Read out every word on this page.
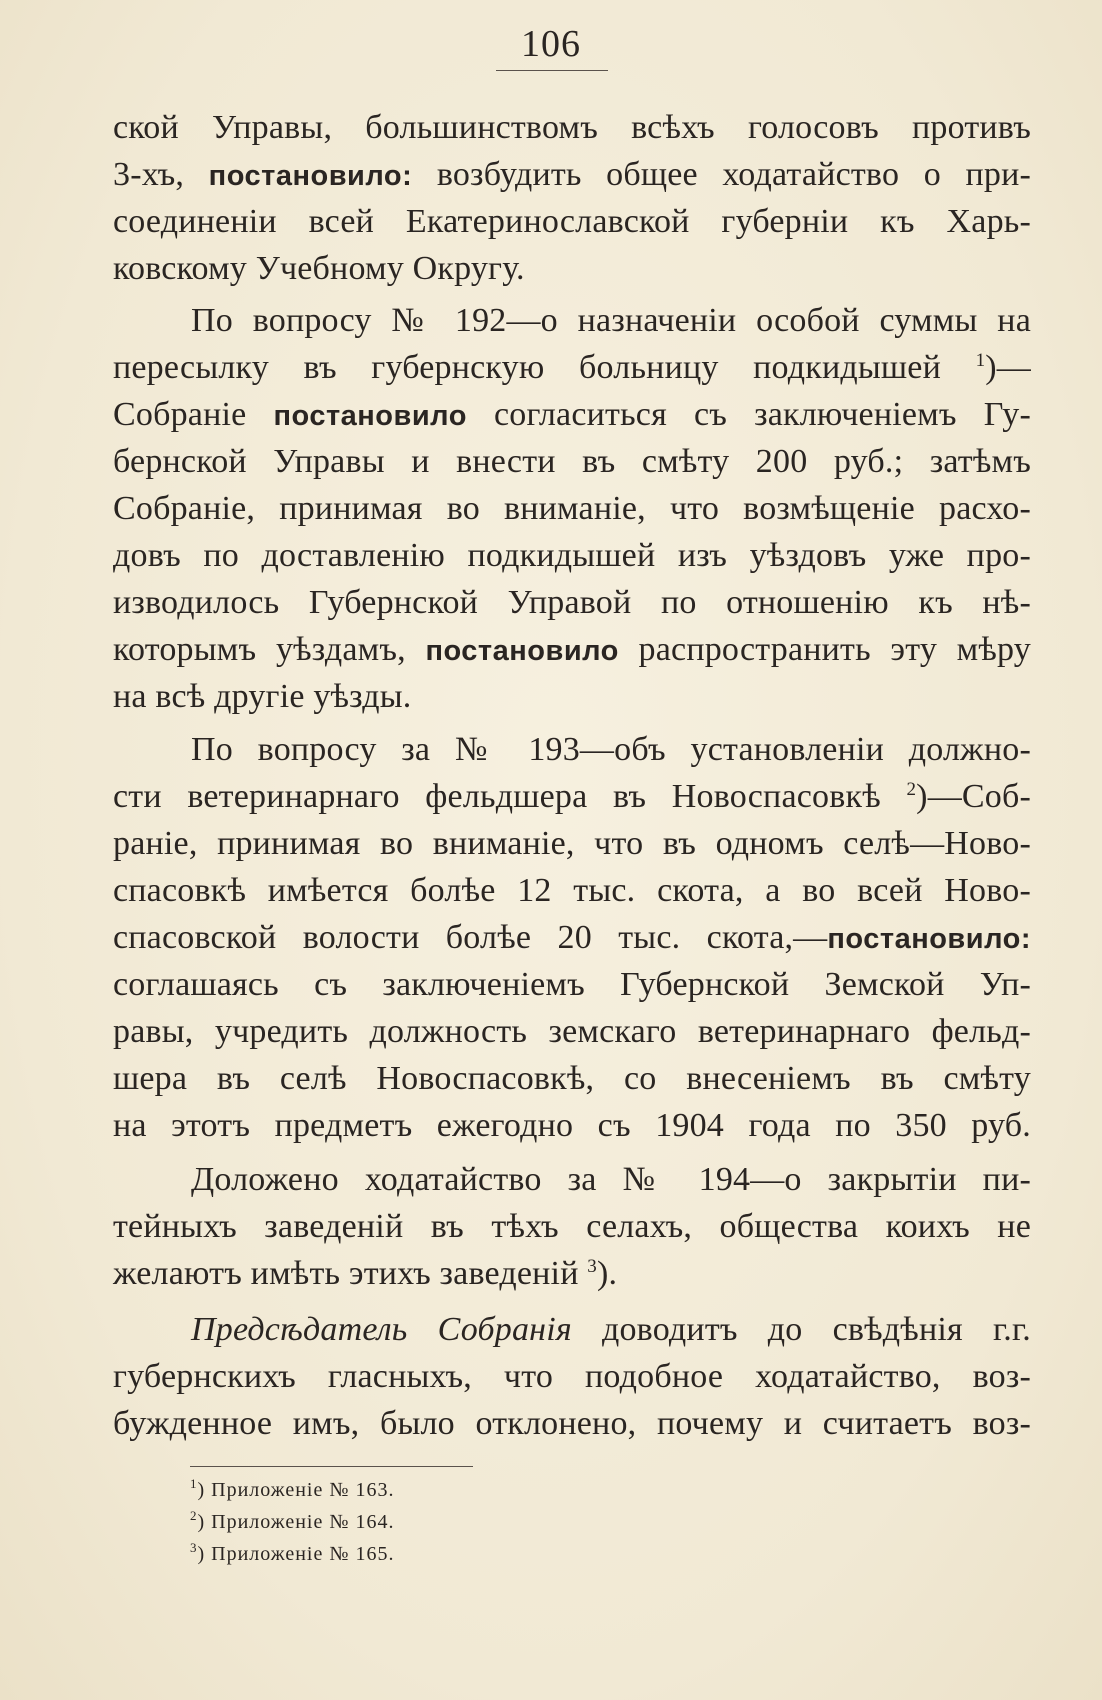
106
ской Управы, большинствомъ всѣхъ голосовъ противъ
3-хъ, постановило: возбудить общее ходатайство о при-
соединеніи всей Екатеринославской губерніи къ Харь-
ковскому Учебному Округу.
По вопросу № 192—о назначеніи особой суммы на
пересылку въ губернскую больницу подкидышей $^1$)—
Собраніе постановило согласиться съ заключеніемъ Гу-
бернской Управы и внести въ смѣту 200 руб.; затѣмъ
Собраніе, принимая во вниманіе, что возмѣщеніе расхо-
довъ по доставленію подкидышей изъ уѣздовъ уже про-
изводилось Губернской Управой по отношенію къ нѣ-
которымъ уѣздамъ, постановило распространить эту мѣру
на всѣ другіе уѣзды.
По вопросу за № 193—объ установленіи должно-
сти ветеринарнаго фельдшера въ Новоспасовкѣ $^2$)—Соб-
раніе, принимая во вниманіе, что въ одномъ селѣ—Ново-
спасовкѣ имѣется болѣе 12 тыс. скота, а во всей Ново-
спасовской волости болѣе 20 тыс. скота,—постановило:
соглашаясь съ заключеніемъ Губернской Земской Уп-
равы, учредить должность земскаго ветеринарнаго фельд-
шера въ селѣ Новоспасовкѣ, со внесеніемъ въ смѣту
на этотъ предметъ ежегодно съ 1904 года по 350 руб.
Доложено ходатайство за № 194—о закрытіи пи-
тейныхъ заведеній въ тѣхъ селахъ, общества коихъ не
желаютъ имѣть этихъ заведеній $^3$).
Предсѣдатель Собранія доводитъ до свѣдѣнія г.г.
губернскихъ гласныхъ, что подобное ходатайство, воз-
бужденное имъ, было отклонено, почему и считаетъ воз-
$^1$) Приложеніе № 163.
$^2$) Приложеніе № 164.
$^3$) Приложеніе № 165.
